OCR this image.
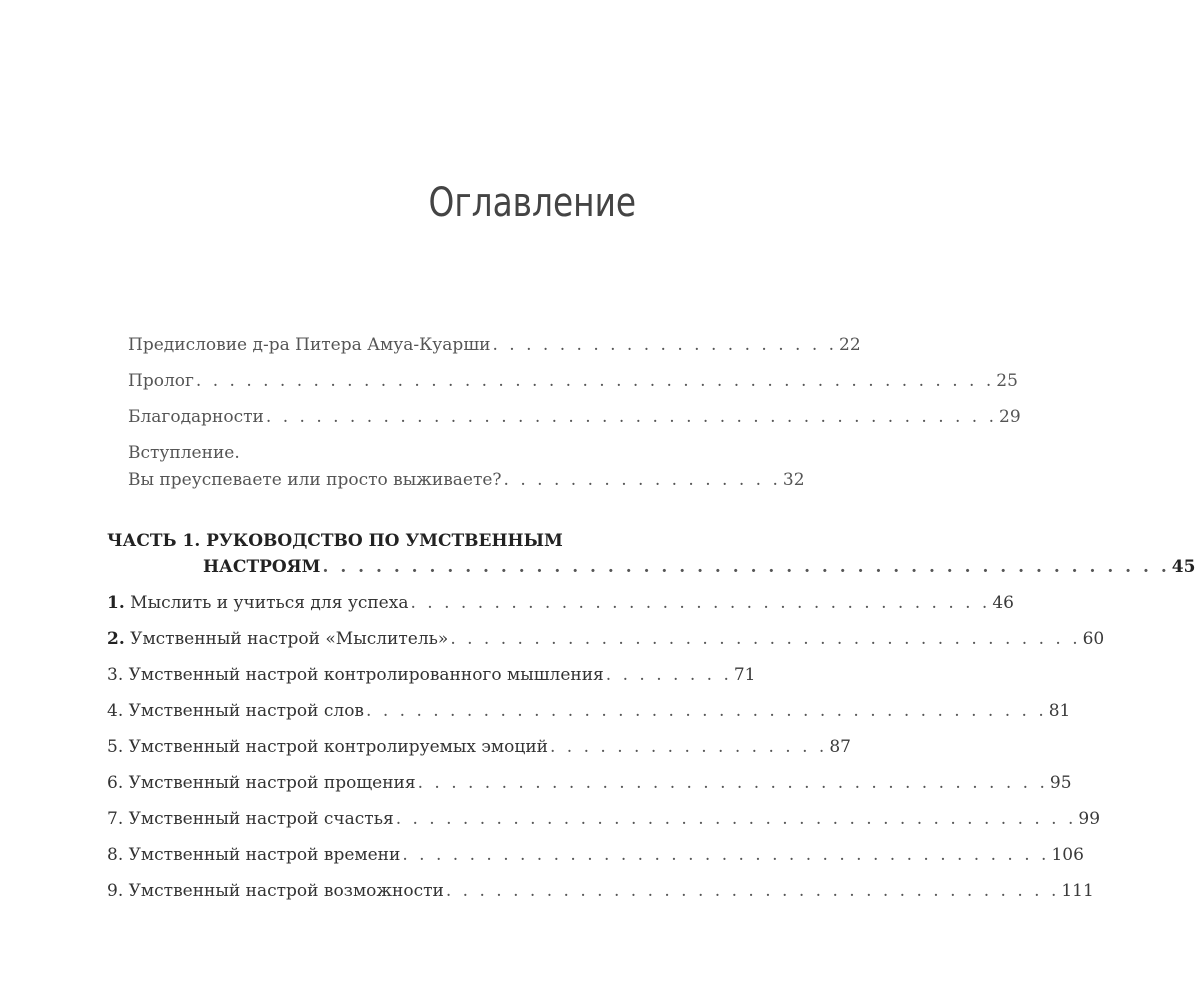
Оглавление
Предисловие д-ра Питера Амуа-Куарши . . . . . . . . . . . . . . . . . . . . . 22
Пролог . . . . . . . . . . . . . . . . . . . . . . . . . . . . . . . . . . . . . . . . . . . . . . . . 25
Благодарности . . . . . . . . . . . . . . . . . . . . . . . . . . . . . . . . . . . . . . . . . . . . 29
Вступление.
Вы преуспеваете или просто выживаете? . . . . . . . . . . . . . . . . . 32
ЧАСТЬ 1. РУКОВОДСТВО ПО УМСТВЕННЫМ
НАСТРОЯМ . . . . . . . . . . . . . . . . . . . . . . . . . . . . . . . . . . . . . . . . . . . . . . . . 45
1. Мыслить и учиться для успеха . . . . . . . . . . . . . . . . . . . . . . . . . . . . . . . . . . . 46
2. Умственный настрой «Мыслитель» . . . . . . . . . . . . . . . . . . . . . . . . . . . . . . . . . . . . . . 60
3. Умственный настрой контролированного мышления . . . . . . . . 71
4. Умственный настрой слов . . . . . . . . . . . . . . . . . . . . . . . . . . . . . . . . . . . . . . . . . 81
5. Умственный настрой контролируемых эмоций . . . . . . . . . . . . . . . . . 87
6. Умственный настрой прощения . . . . . . . . . . . . . . . . . . . . . . . . . . . . . . . . . . . . . . 95
7. Умственный настрой счастья . . . . . . . . . . . . . . . . . . . . . . . . . . . . . . . . . . . . . . . . . 99
8. Умственный настрой времени . . . . . . . . . . . . . . . . . . . . . . . . . . . . . . . . . . . . . . . 106
9. Умственный настрой возможности . . . . . . . . . . . . . . . . . . . . . . . . . . . . . . . . . . . . . 111
